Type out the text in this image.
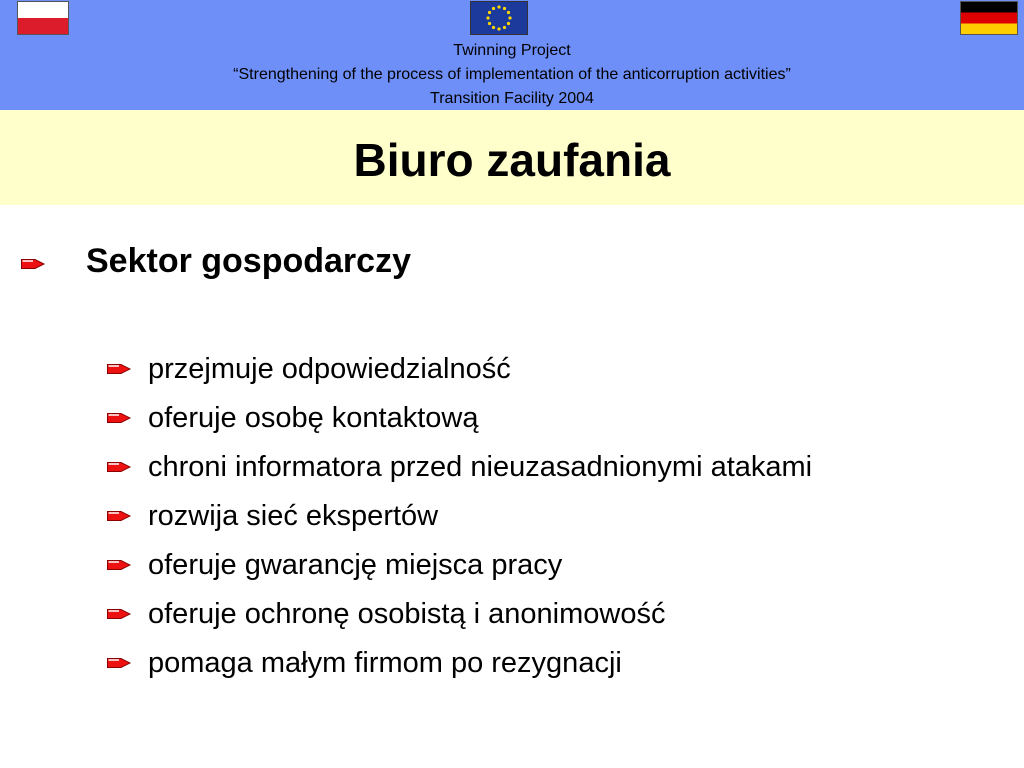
Twinning Project
“Strengthening of the process of implementation of the anticorruption activities”
Transition Facility 2004
Biuro zaufania
Sektor gospodarczy
przejmuje odpowiedzialność
oferuje osobę kontaktową
chroni informatora przed nieuzasadnionymi atakami
rozwija sieć ekspertów
oferuje gwarancję miejsca pracy
oferuje ochronę osobistą i anonimowość
pomaga małym firmom po rezygnacji
